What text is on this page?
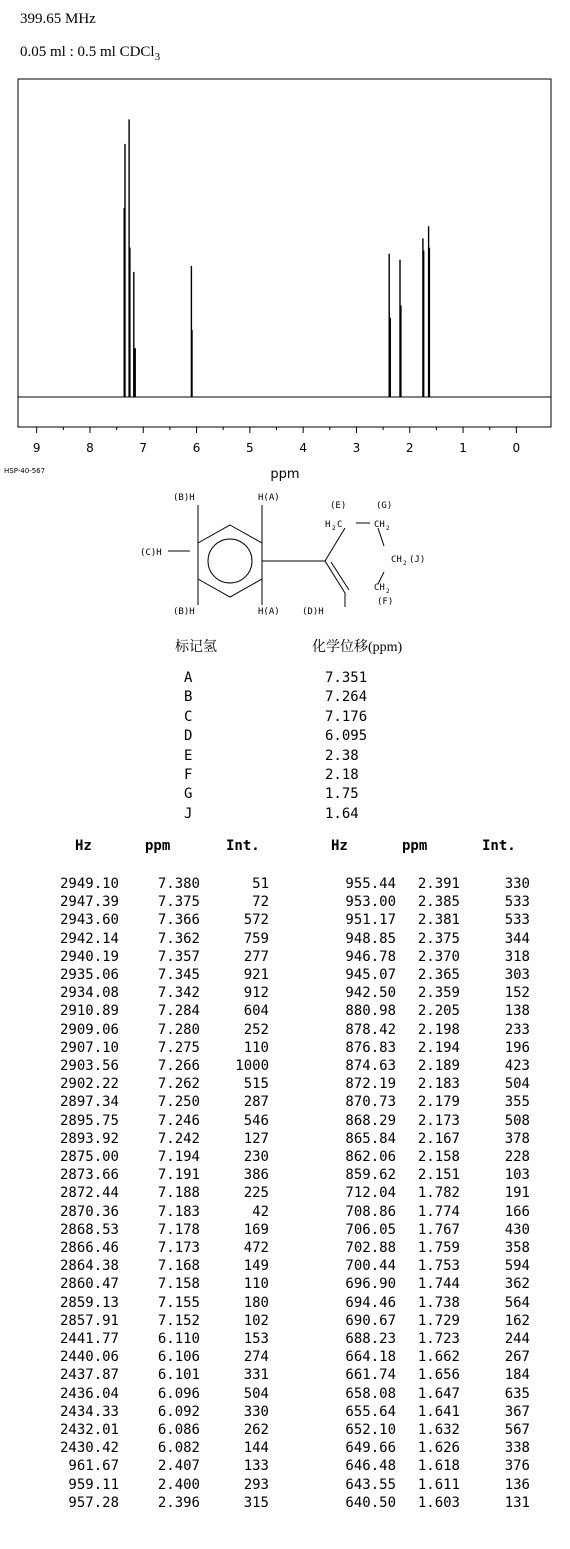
399.65 MHz
0.05 ml : 0.5 ml CDCl$_3$
9	8	7	6	5	4	3	2	1	0
ppm
HSP-40-567
(B)H	H(A)
(C)H
(B)H	H(A) (D)H
(E)	(G)
H 2 C	CH 2
CH 2 (J)
CH 2
(F)
标记氢	化学位移(ppm)
A	7.351
B	7.264
C	7.176
D	6.095
E	2.38
F	2.18
G	1.75
J	1.64
Hz	ppm	Int.	Hz	ppm	Int.
2949.10	7.380	51	955.44	2.391	330
2947.39	7.375	72	953.00	2.385	533
2943.60	7.366	572	951.17	2.381	533
2942.14	7.362	759	948.85	2.375	344
2940.19	7.357	277	946.78	2.370	318
2935.06	7.345	921	945.07	2.365	303
2934.08	7.342	912	942.50	2.359	152
2910.89	7.284	604	880.98	2.205	138
2909.06	7.280	252	878.42	2.198	233
2907.10	7.275	110	876.83	2.194	196
2903.56	7.266	1000	874.63	2.189	423
2902.22	7.262	515	872.19	2.183	504
2897.34	7.250	287	870.73	2.179	355
2895.75	7.246	546	868.29	2.173	508
2893.92	7.242	127	865.84	2.167	378
2875.00	7.194	230	862.06	2.158	228
2873.66	7.191	386	859.62	2.151	103
2872.44	7.188	225	712.04	1.782	191
2870.36	7.183	42	708.86	1.774	166
2868.53	7.178	169	706.05	1.767	430
2866.46	7.173	472	702.88	1.759	358
2864.38	7.168	149	700.44	1.753	594
2860.47	7.158	110	696.90	1.744	362
2859.13	7.155	180	694.46	1.738	564
2857.91	7.152	102	690.67	1.729	162
2441.77	6.110	153	688.23	1.723	244
2440.06	6.106	274	664.18	1.662	267
2437.87	6.101	331	661.74	1.656	184
2436.04	6.096	504	658.08	1.647	635
2434.33	6.092	330	655.64	1.641	367
2432.01	6.086	262	652.10	1.632	567
2430.42	6.082	144	649.66	1.626	338
961.67	2.407	133	646.48	1.618	376
959.11	2.400	293	643.55	1.611	136
957.28	2.396	315	640.50	1.603	131
